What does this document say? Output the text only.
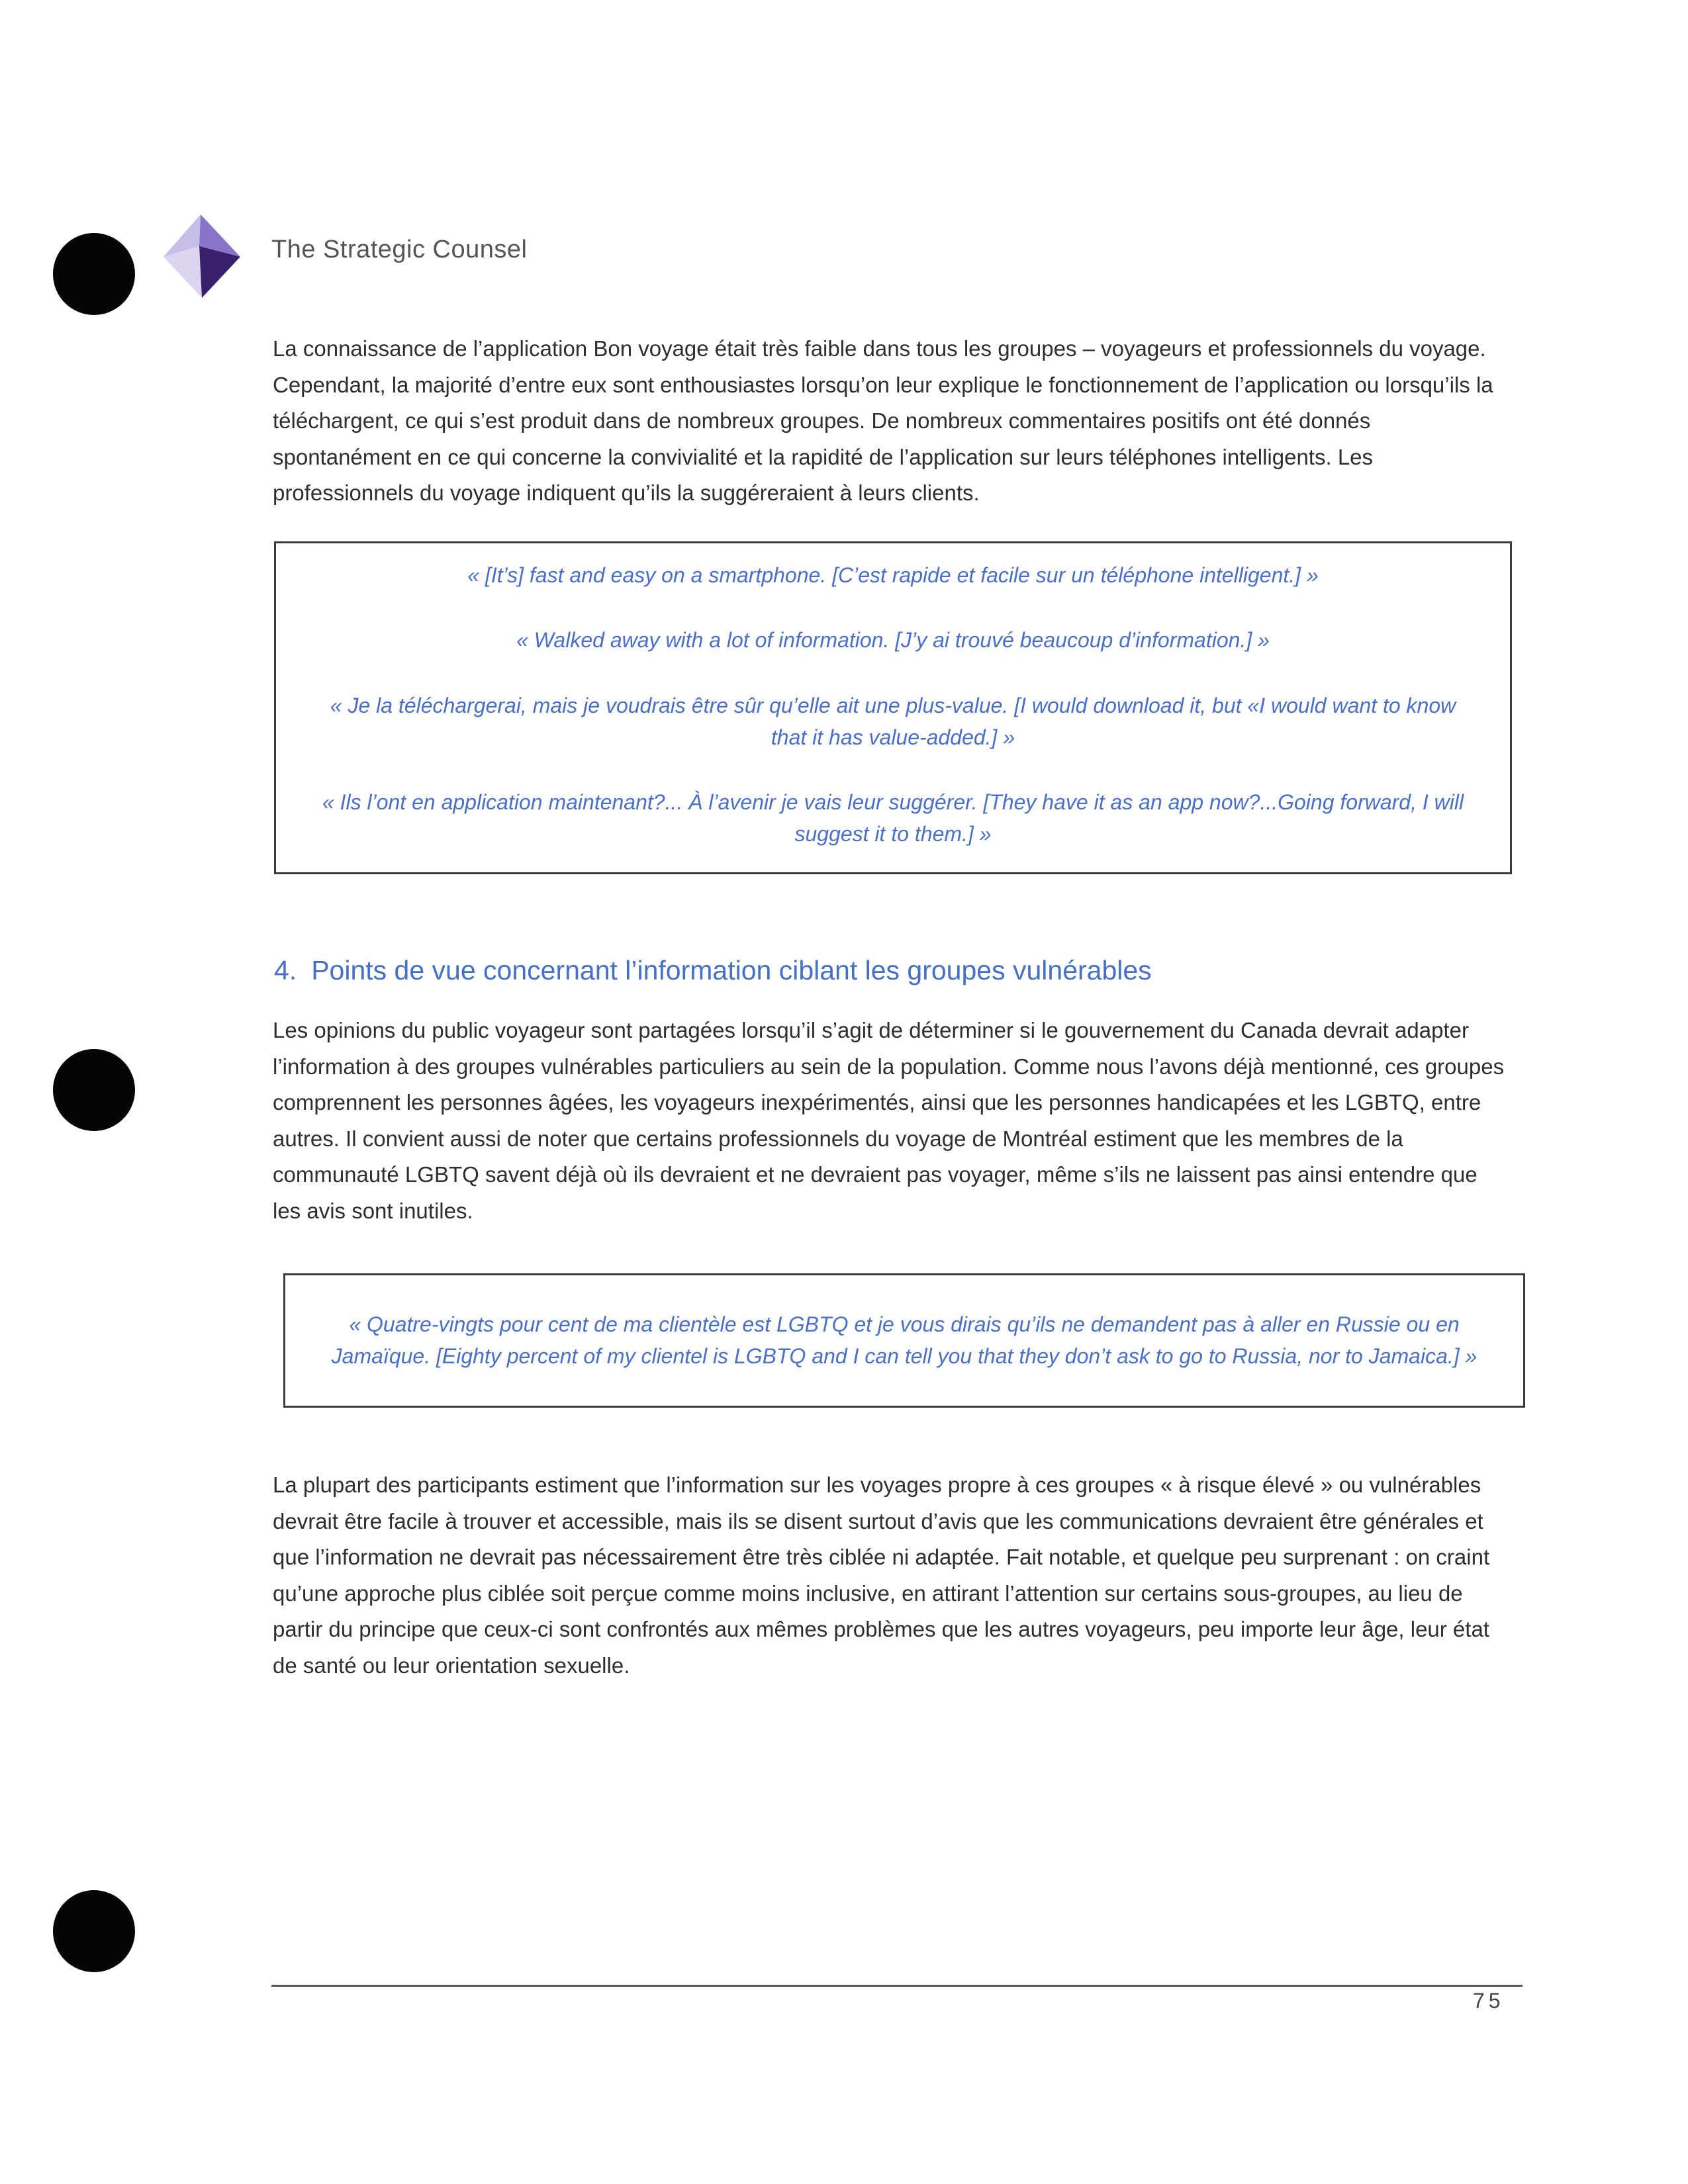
The Strategic Counsel

La connaissance de l’application Bon voyage était très faible dans tous les groupes – voyageurs et professionnels du voyage. Cependant, la majorité d’entre eux sont enthousiastes lorsqu’on leur explique le fonctionnement de l’application ou lorsqu’ils la téléchargent, ce qui s’est produit dans de nombreux groupes. De nombreux commentaires positifs ont été donnés spontanément en ce qui concerne la convivialité et la rapidité de l’application sur leurs téléphones intelligents. Les professionnels du voyage indiquent qu’ils la suggéreraient à leurs clients.

« [It’s] fast and easy on a smartphone. [C’est rapide et facile sur un téléphone intelligent.] »

« Walked away with a lot of information. [J’y ai trouvé beaucoup d’information.] »

« Je la téléchargerai, mais je voudrais être sûr qu’elle ait une plus-value. [I would download it, but «I would want to know that it has value-added.] »

« Ils l’ont en application maintenant?... À l’avenir je vais leur suggérer. [They have it as an app now?...Going forward, I will suggest it to them.] »

4. Points de vue concernant l’information ciblant les groupes vulnérables

Les opinions du public voyageur sont partagées lorsqu’il s’agit de déterminer si le gouvernement du Canada devrait adapter l’information à des groupes vulnérables particuliers au sein de la population. Comme nous l’avons déjà mentionné, ces groupes comprennent les personnes âgées, les voyageurs inexpérimentés, ainsi que les personnes handicapées et les LGBTQ, entre autres. Il convient aussi de noter que certains professionnels du voyage de Montréal estiment que les membres de la communauté LGBTQ savent déjà où ils devraient et ne devraient pas voyager, même s’ils ne laissent pas ainsi entendre que les avis sont inutiles.

« Quatre-vingts pour cent de ma clientèle est LGBTQ et je vous dirais qu’ils ne demandent pas à aller en Russie ou en Jamaïque. [Eighty percent of my clientel is LGBTQ and I can tell you that they don’t ask to go to Russia, nor to Jamaica.] »

La plupart des participants estiment que l’information sur les voyages propre à ces groupes « à risque élevé » ou vulnérables devrait être facile à trouver et accessible, mais ils se disent surtout d’avis que les communications devraient être générales et que l’information ne devrait pas nécessairement être très ciblée ni adaptée. Fait notable, et quelque peu surprenant : on craint qu’une approche plus ciblée soit perçue comme moins inclusive, en attirant l’attention sur certains sous-groupes, au lieu de partir du principe que ceux-ci sont confrontés aux mêmes problèmes que les autres voyageurs, peu importe leur âge, leur état de santé ou leur orientation sexuelle.

75
